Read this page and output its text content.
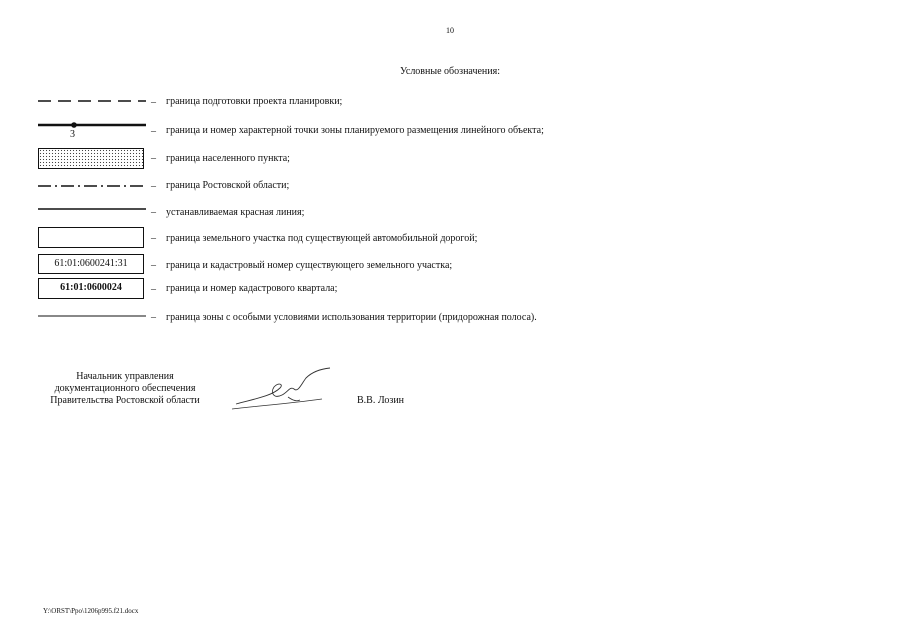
10
Условные обозначения:
– граница подготовки проекта планировки;
3	– граница и номер характерной точки зоны планируемого размещения линейного объекта;
– граница населенного пункта;
– граница Ростовской области;
– устанавливаемая красная линия;
– граница земельного участка под существующей автомобильной дорогой;
61:01:0600241:31	– граница и кадастровый номер существующего земельного участка;
61:01:0600024	– граница и номер кадастрового квартала;
– граница зоны с особыми условиями использования территории (придорожная полоса).
Начальник управления
документационного обеспечения
Правительства Ростовской области	В.В. Лозин
Y:\ORST\Ppo\1206p995.f21.docx
